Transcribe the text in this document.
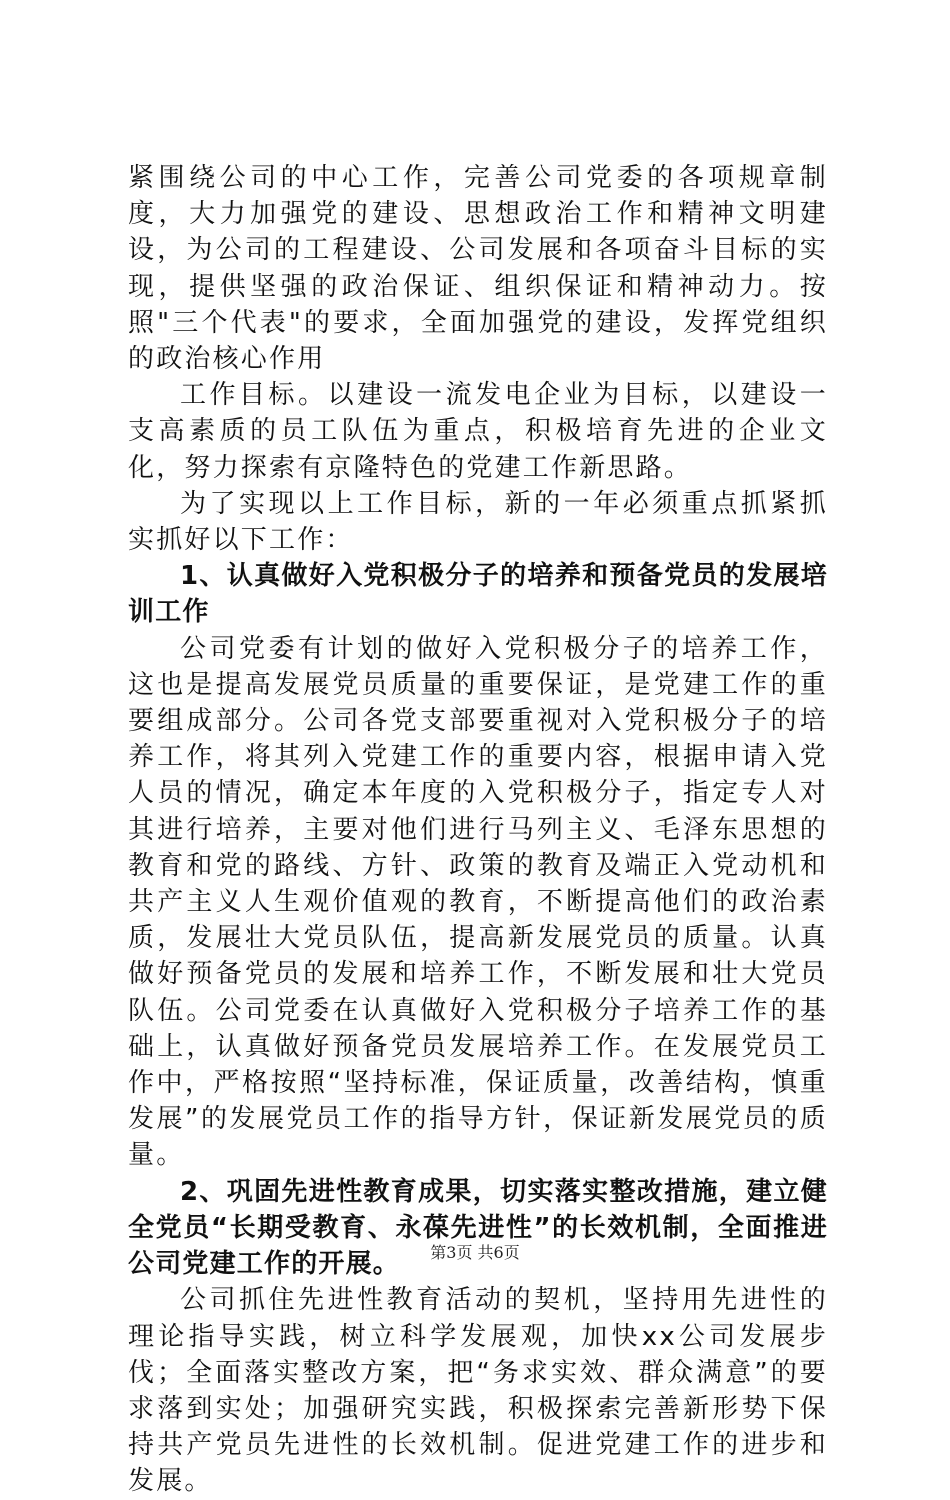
紧围绕公司的中心工作，完善公司党委的各项规章制度，大力加强党的建设、思想政治工作和精神文明建设，为公司的工程建设、公司发展和各项奋斗目标的实现，提供坚强的政治保证、组织保证和精神动力。按照"三个代表"的要求，全面加强党的建设，发挥党组织的政治核心作用

工作目标。以建设一流发电企业为目标，以建设一支高素质的员工队伍为重点，积极培育先进的企业文化，努力探索有京隆特色的党建工作新思路。

为了实现以上工作目标，新的一年必须重点抓紧抓实抓好以下工作：

1、认真做好入党积极分子的培养和预备党员的发展培训工作

公司党委有计划的做好入党积极分子的培养工作，这也是提高发展党员质量的重要保证，是党建工作的重要组成部分。公司各党支部要重视对入党积极分子的培养工作，将其列入党建工作的重要内容，根据申请入党人员的情况，确定本年度的入党积极分子，指定专人对其进行培养，主要对他们进行马列主义、毛泽东思想的教育和党的路线、方针、政策的教育及端正入党动机和共产主义人生观价值观的教育，不断提高他们的政治素质，发展壮大党员队伍，提高新发展党员的质量。认真做好预备党员的发展和培养工作，不断发展和壮大党员队伍。公司党委在认真做好入党积极分子培养工作的基础上，认真做好预备党员发展培养工作。在发展党员工作中，严格按照“坚持标准，保证质量，改善结构，慎重发展”的发展党员工作的指导方针，保证新发展党员的质量。

2、巩固先进性教育成果，切实落实整改措施，建立健全党员“长期受教育、永葆先进性”的长效机制，全面推进公司党建工作的开展。

公司抓住先进性教育活动的契机，坚持用先进性的理论指导实践，树立科学发展观，加快xx公司发展步伐；全面落实整改方案，把“务求实效、群众满意”的要求落到实处；加强研究实践，积极探索完善新形势下保持共产党员先进性的长效机制。促进党建工作的进步和发展。

第3页 共6页
